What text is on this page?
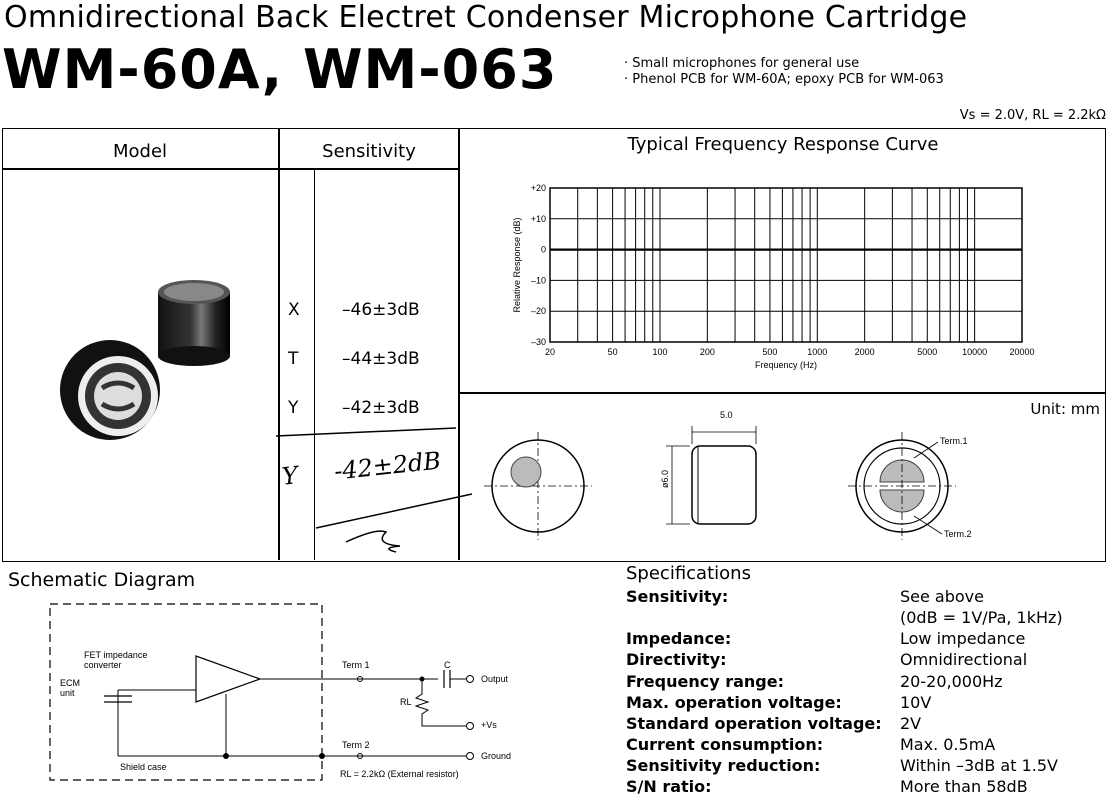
Omnidirectional Back Electret Condenser Microphone Cartridge
WM-60A, WM-063	· Small microphones for general use
· Phenol PCB for WM-60A; epoxy PCB for WM-063
Vs = 2.0V, RL = 2.2kΩ
Model	Sensitivity	Typical Frequency Response Curve
X –46±3dB
T	–44±3dB
Y	–42±3dB
Y -42±2dB
20	50	100	200	500	1000	2000	5000	10000 20000
+20
+10
0
–10
–20
–30
Frequency (Hz)
Relative Response (dB)
Unit: mm
5.0
ø6.0
Term.1
Term.2
Schematic Diagram
FET impedance converter
ECM unit
Shield case
Term 1
Term 2
C
RL
Output
+Vs
Ground
RL = 2.2kΩ (External resistor)
Specifications
Sensitivity:	See above
(0dB = 1V/Pa, 1kHz)
Impedance:	Low impedance
Directivity:	Omnidirectional
Frequency range:	20-20,000Hz
Max. operation voltage:	10V
Standard operation voltage: 2V
Current consumption:	Max. 0.5mA
Sensitivity reduction:	Within –3dB at 1.5V
S/N ratio:	More than 58dB
